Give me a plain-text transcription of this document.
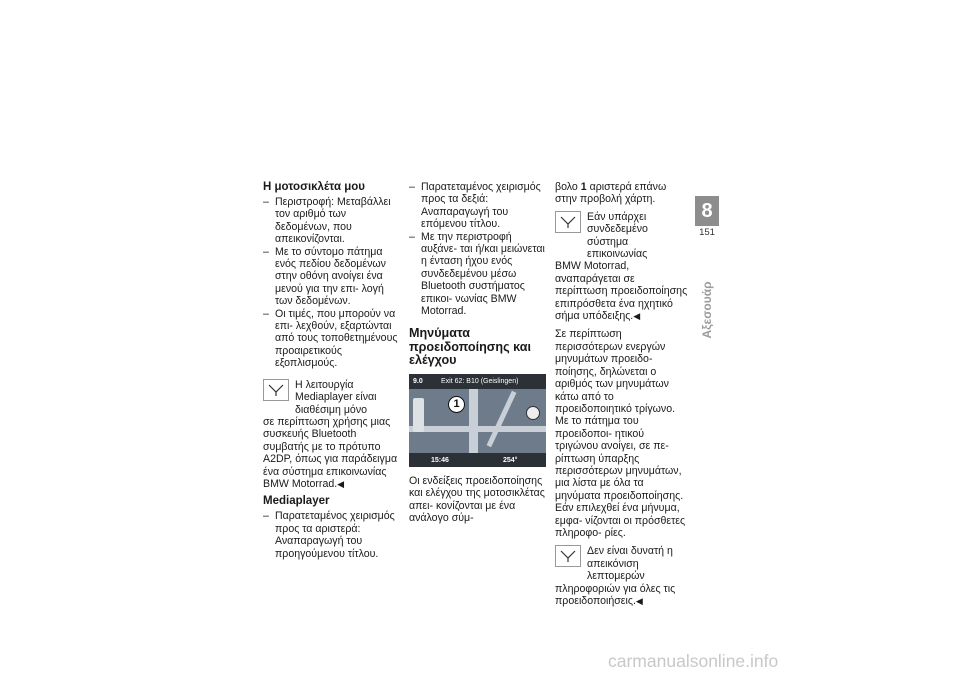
Η μοτοσικλέτα μου
– Περιστροφή: Μεταβάλλει τον αριθμό των δεδομένων, που απεικονίζονται.
– Με το σύντομο πάτημα ενός πεδίου δεδομένων στην οθόνη ανοίγει ένα μενού για την επι- λογή των δεδομένων.
– Οι τιμές, που μπορούν να επι- λεχθούν, εξαρτώνται από τους τοποθετημένους προαιρετικούς εξοπλισμούς.
Η λειτουργία Mediaplayer είναι διαθέσιμη μόνο

σε περίπτωση χρήσης μιας συσκευής Bluetooth συμβατής με το πρότυπο A2DP, όπως για παράδειγμα ένα σύστημα επικοινωνίας BMW Motorrad.◀

Mediaplayer
– Παρατεταμένος χειρισμός προς τα αριστερά: Αναπαραγωγή του προηγούμενου τίτλου.
– Παρατεταμένος χειρισμός προς τα δεξιά: Αναπαραγωγή του επόμενου τίτλου.
– Με την περιστροφή αυξάνε- ται ή/και μειώνεται η ένταση ήχου ενός συνδεδεμένου μέσω Bluetooth συστήματος επικοι- νωνίας BMW Motorrad.
Μηνύματα προειδοποίησης και ελέγχου
9.0	Exit 62: B10 (Geislingen)
1
15:46	254°

Οι ενδείξεις προειδοποίησης και ελέγχου της μοτοσικλέτας απει- κονίζονται με ένα ανάλογο σύμ-

βολο 1 αριστερά επάνω στην προβολή χάρτη.

Εάν υπάρχει συνδεδεμένο σύστημα επικοινωνίας

BMW Motorrad, αναπαράγεται σε περίπτωση προειδοποίησης επιπρόσθετα ένα ηχητικό σήμα υπόδειξης.◀

Σε περίπτωση περισσότερων ενεργών μηνυμάτων προειδο- ποίησης, δηλώνεται ο αριθμός των μηνυμάτων κάτω από το προειδοποιητικό τρίγωνο.

Με το πάτημα του προειδοποι- ητικού τριγώνου ανοίγει, σε πε- ρίπτωση ύπαρξης περισσότερων μηνυμάτων, μια λίστα με όλα τα μηνύματα προειδοποίησης.

Εάν επιλεχθεί ένα μήνυμα, εμφα- νίζονται οι πρόσθετες πληροφο- ρίες.

Δεν είναι δυνατή η απεικόνιση λεπτομερών

πληροφοριών για όλες τις προειδοποιήσεις.◀

8
151
Αξεσουάρ
carmanualsonline.info
